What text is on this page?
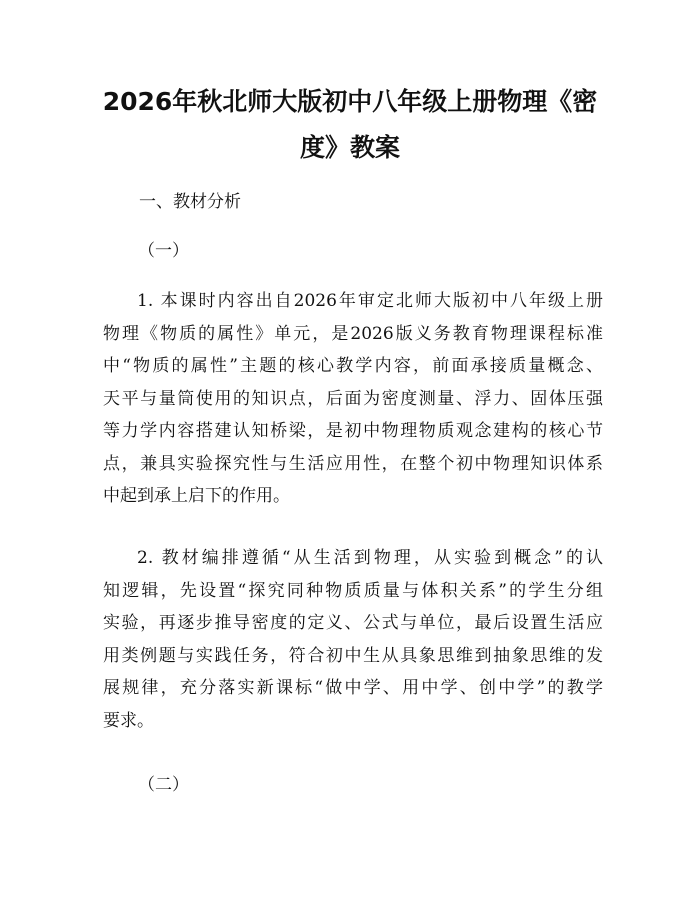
2026年秋北师大版初中八年级上册物理《密
度》教案

一、教材分析

（一）

1. 本课时内容出自2026年审定北师大版初中八年级上册
物理《物质的属性》单元，是2026版义务教育物理课程标准
中“物质的属性”主题的核心教学内容，前面承接质量概念、
天平与量筒使用的知识点，后面为密度测量、浮力、固体压强
等力学内容搭建认知桥梁，是初中物理物质观念建构的核心节
点，兼具实验探究性与生活应用性，在整个初中物理知识体系
中起到承上启下的作用。
2. 教材编排遵循“从生活到物理，从实验到概念”的认
知逻辑，先设置“探究同种物质质量与体积关系”的学生分组
实验，再逐步推导密度的定义、公式与单位，最后设置生活应
用类例题与实践任务，符合初中生从具象思维到抽象思维的发
展规律，充分落实新课标“做中学、用中学、创中学”的教学
要求。

（二）
